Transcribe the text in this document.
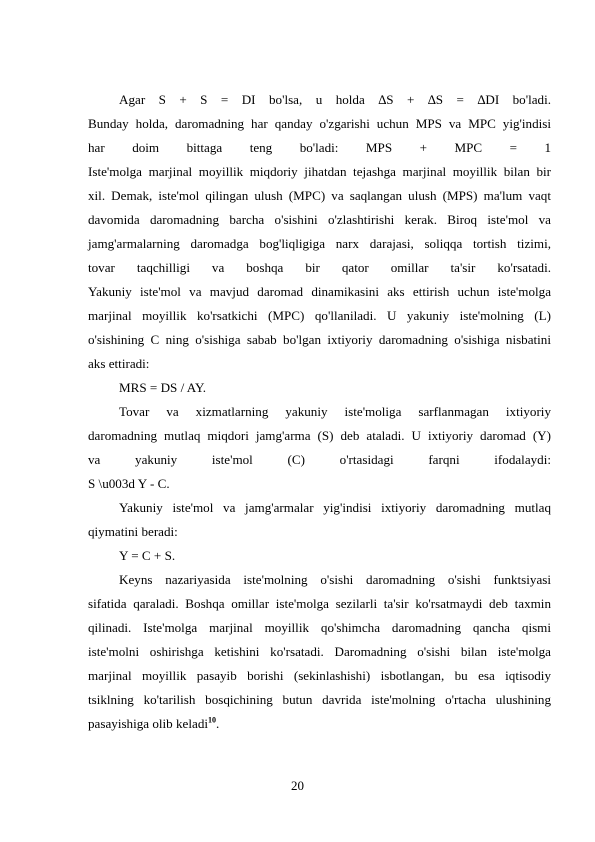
Agar S + S = DI bo'lsa, u holda ∆S + ∆S = ∆DI bo'ladi.
Bunday holda, daromadning har qanday o'zgarishi uchun MPS va MPC yig'indisi
har doim bittaga teng bo'ladi: MPS + MPC = 1
Iste'molga marjinal moyillik miqdoriy jihatdan tejashga marjinal moyillik bilan bir
xil. Demak, iste'mol qilingan ulush (MPC) va saqlangan ulush (MPS) ma'lum vaqt
davomida daromadning barcha o'sishini o'zlashtirishi kerak. Biroq iste'mol va
jamg'armalarning daromadga bog'liqligiga narx darajasi, soliqqa tortish tizimi,
tovar taqchilligi va boshqa bir qator omillar ta'sir ko'rsatadi.
Yakuniy iste'mol va mavjud daromad dinamikasini aks ettirish uchun iste'molga
marjinal moyillik ko'rsatkichi (MPC) qo'llaniladi. U yakuniy iste'molning (L)
o'sishining C ning o'sishiga sabab bo'lgan ixtiyoriy daromadning o'sishiga nisbatini
aks ettiradi:
MRS = DS / AY.
Tovar va xizmatlarning yakuniy iste'moliga sarflanmagan ixtiyoriy
daromadning mutlaq miqdori jamg'arma (S) deb ataladi. U ixtiyoriy daromad (Y)
va yakuniy iste'mol (C) o'rtasidagi farqni ifodalaydi:
S \u003d Y - C.
Yakuniy iste'mol va jamg'armalar yig'indisi ixtiyoriy daromadning mutlaq
qiymatini beradi:
Y = C + S.
Keyns nazariyasida iste'molning o'sishi daromadning o'sishi funktsiyasi
sifatida qaraladi. Boshqa omillar iste'molga sezilarli ta'sir ko'rsatmaydi deb taxmin
qilinadi. Iste'molga marjinal moyillik qo'shimcha daromadning qancha qismi
iste'molni oshirishga ketishini ko'rsatadi. Daromadning o'sishi bilan iste'molga
marjinal moyillik pasayib borishi (sekinlashishi) isbotlangan, bu esa iqtisodiy
tsiklning ko'tarilish bosqichining butun davrida iste'molning o'rtacha ulushining
pasayishiga olib keladi$^{10}$.
20
